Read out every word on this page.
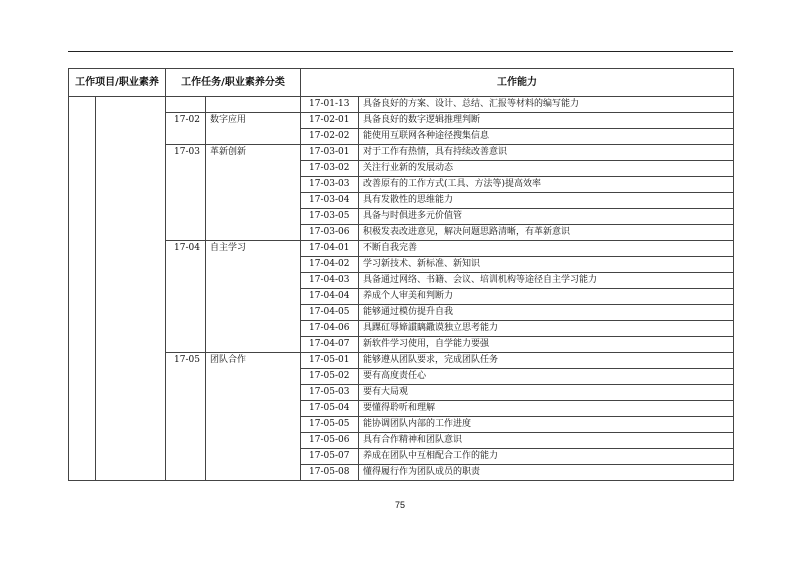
工作项目/职业素养		工作任务/职业素养分类		工作能力	
				17-01-13	具备良好的方案、设计、总结、汇报等材料的编写能力
		17-02	数字应用	17-02-01	具备良好的数字逻辑推理判断
				17-02-02	能使用互联网各种途径搜集信息
		17-03	革新创新	17-03-01	对于工作有热情，具有持续改善意识
				17-03-02	关注行业新的发展动态
				17-03-03	改善原有的工作方式(工具、方法等)提高效率
				17-03-04	具有发散性的思维能力
				17-03-05	具备与时俱进多元价值管
				17-03-06	积极发表改进意见，解决问题思路清晰，有革新意识
		17-04	自主学习	17-04-01	不断自我完善
				17-04-02	学习新技术、新标准、新知识
				17-04-03	具备通过网络、书籍、会议、培训机构等途径自主学习能力
				17-04-04	养成个人审美和判断力
				17-04-05	能够通过模仿提升自我
				17-04-06	具踝矼辱媂謴瞝鏾谟独立思考能力
				17-04-07	新软件学习使用，自学能力要强
		17-05	团队合作	17-05-01	能够遵从团队要求，完成团队任务
				17-05-02	要有高度责任心
				17-05-03	要有大局观
				17-05-04	要懂得聆听和理解
				17-05-05	能协调团队内部的工作进度
				17-05-06	具有合作精神和团队意识
				17-05-07	养成在团队中互相配合工作的能力
				17-05-08	懂得履行作为团队成员的职责
75
